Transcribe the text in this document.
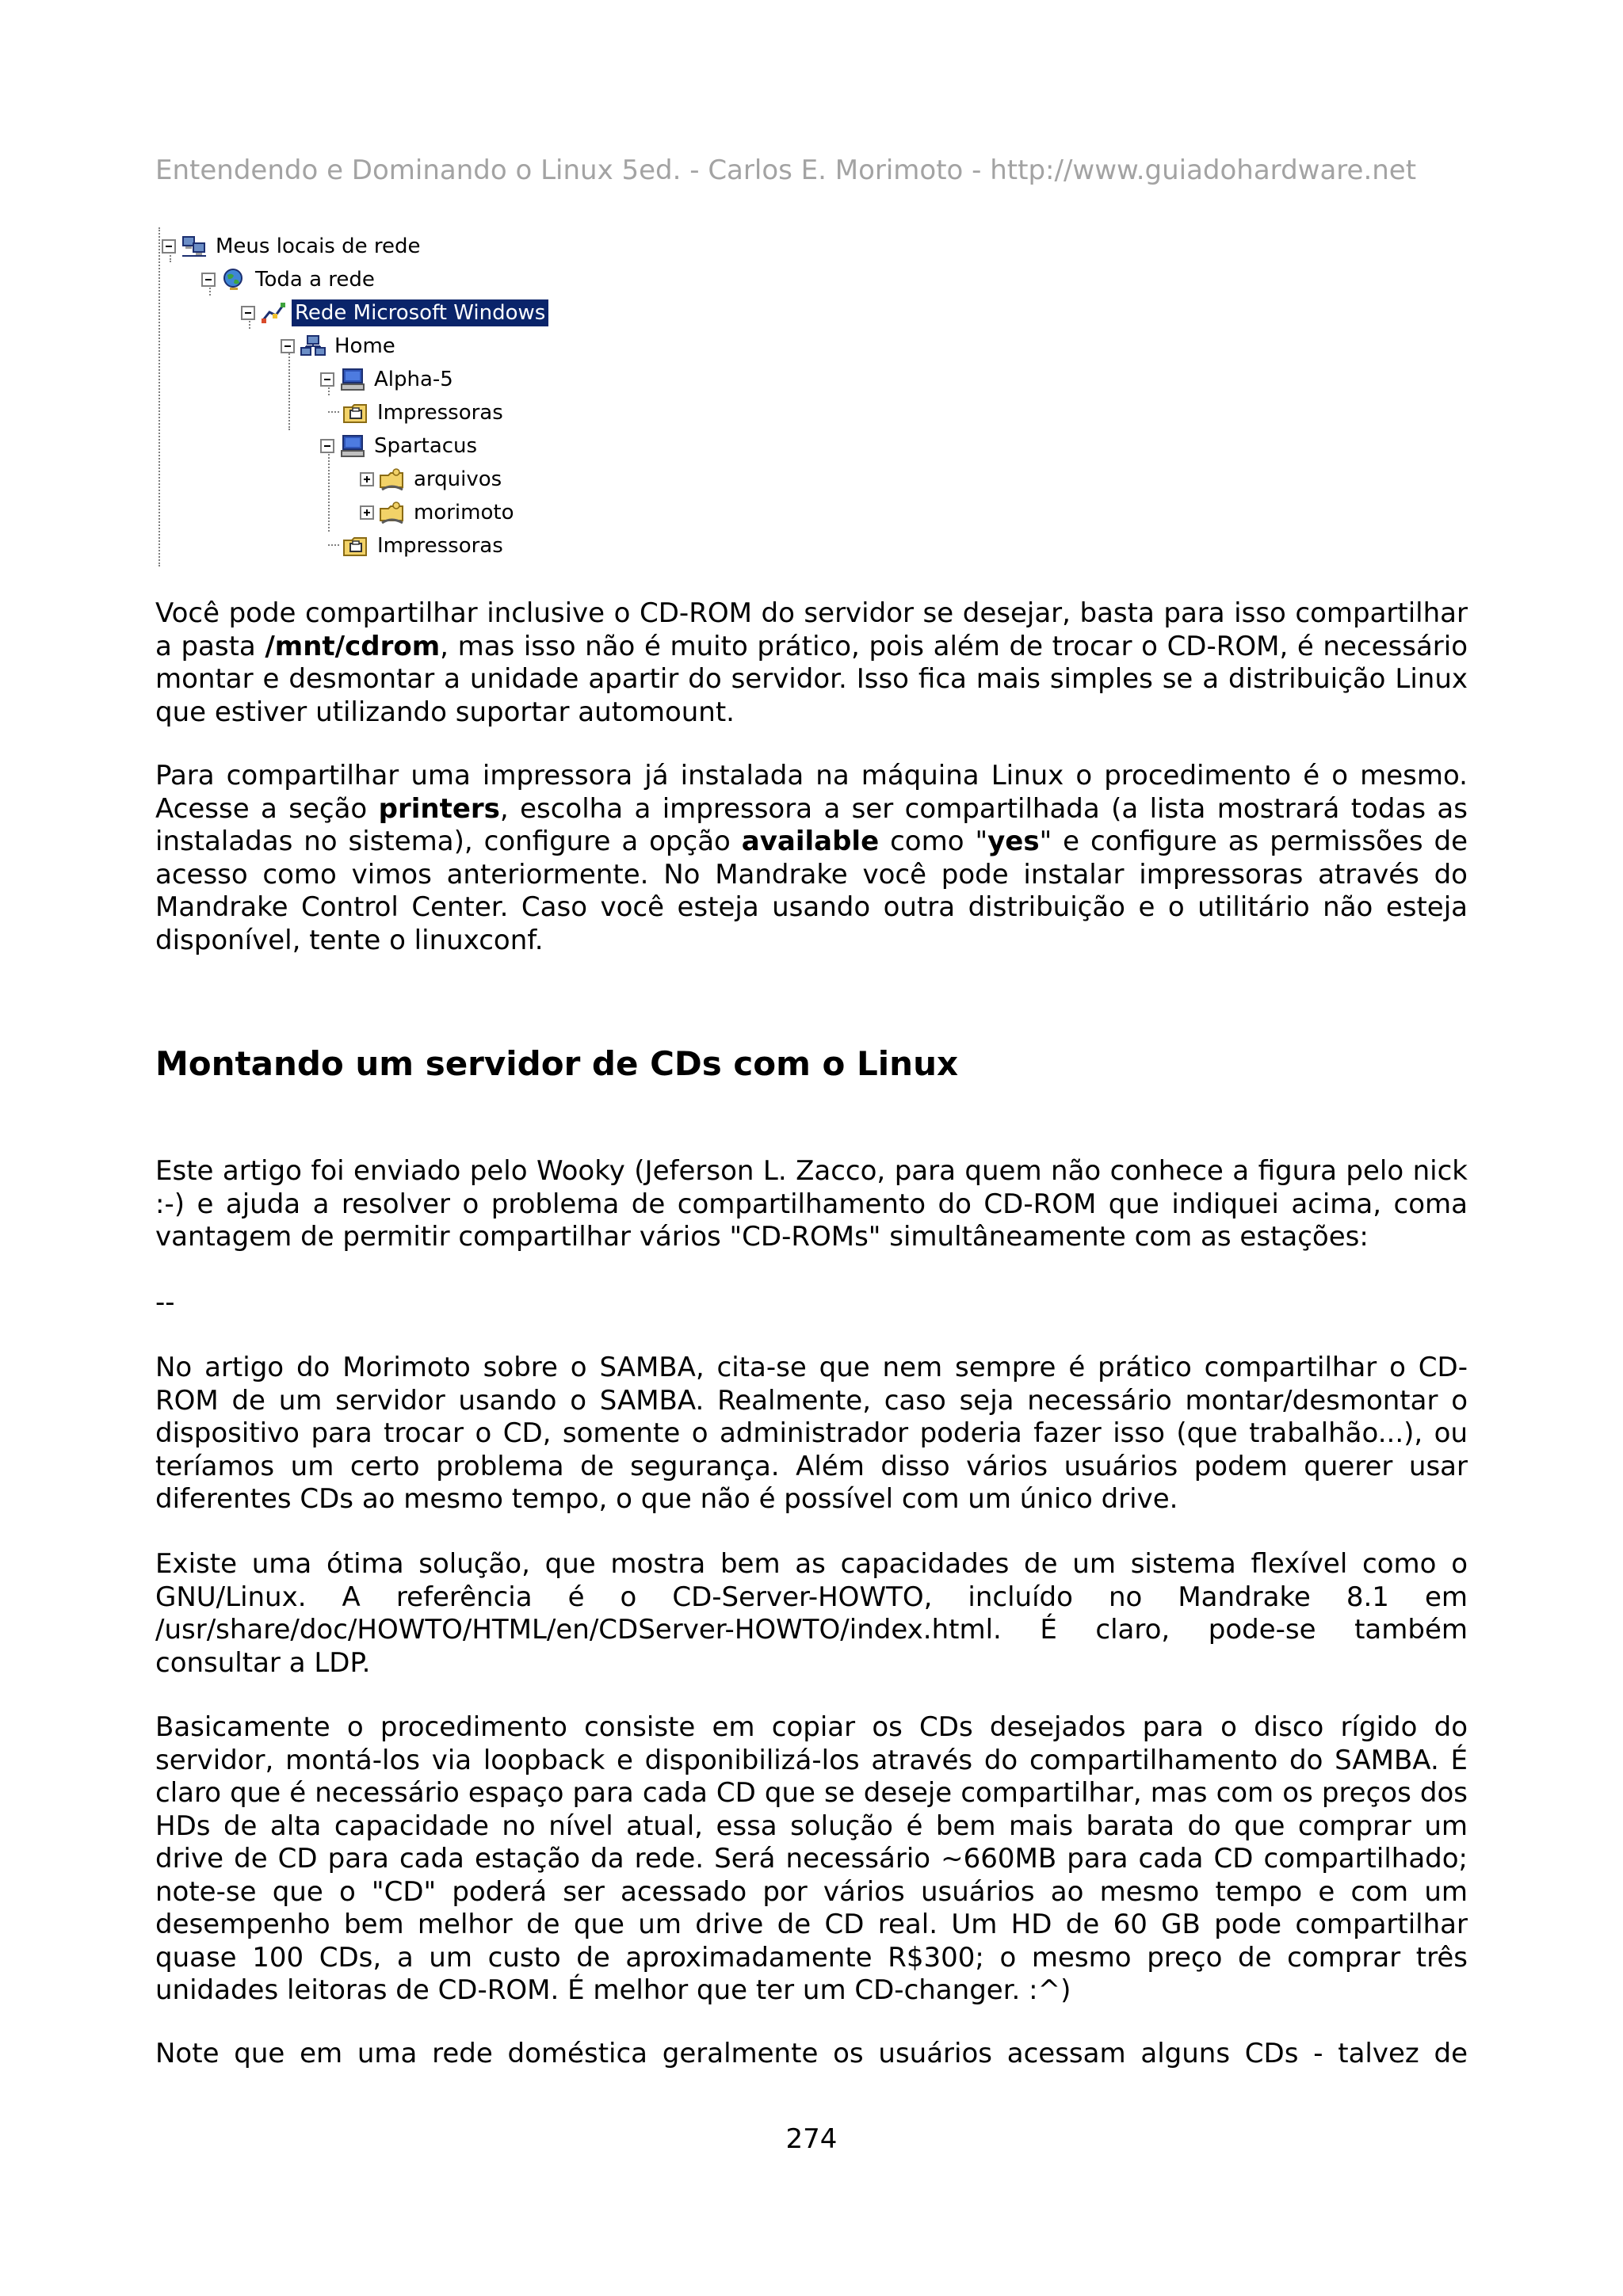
Entendendo e Dominando o Linux 5ed. - Carlos E. Morimoto - http://www.guiadohardware.net
Meus locais de rede
Toda a rede
Rede Microsoft Windows
Home
Alpha-5
Impressoras
Spartacus
arquivos
morimoto
Impressoras
Você pode compartilhar inclusive o CD-ROM do servidor se desejar, basta para isso compartilhar a pasta /mnt/cdrom, mas isso não é muito prático, pois além de trocar o CD-ROM, é necessário montar e desmontar a unidade apartir do servidor. Isso fica mais simples se a distribuição Linux que estiver utilizando suportar automount.
Para compartilhar uma impressora já instalada na máquina Linux o procedimento é o mesmo. Acesse a seção printers, escolha a impressora a ser compartilhada (a lista mostrará todas as instaladas no sistema), configure a opção available como "yes" e configure as permissões de acesso como vimos anteriormente. No Mandrake você pode instalar impressoras através do Mandrake Control Center. Caso você esteja usando outra distribuição e o utilitário não esteja disponível, tente o linuxconf.
Montando um servidor de CDs com o Linux
Este artigo foi enviado pelo Wooky (Jeferson L. Zacco, para quem não conhece a figura pelo nick :-) e ajuda a resolver o problema de compartilhamento do CD-ROM que indiquei acima, coma vantagem de permitir compartilhar vários "CD-ROMs" simultâneamente com as estações:
--
No artigo do Morimoto sobre o SAMBA, cita-se que nem sempre é prático compartilhar o CD-ROM de um servidor usando o SAMBA. Realmente, caso seja necessário montar/desmontar o dispositivo para trocar o CD, somente o administrador poderia fazer isso (que trabalhão...), ou teríamos um certo problema de segurança. Além disso vários usuários podem querer usar diferentes CDs ao mesmo tempo, o que não é possível com um único drive.
Existe uma ótima solução, que mostra bem as capacidades de um sistema flexível como o GNU/Linux. A referência é o CD-Server-HOWTO, incluído no Mandrake 8.1 em /usr/share/doc/HOWTO/HTML/en/CDServer-HOWTO/index.html. É claro, pode-se também consultar a LDP.
Basicamente o procedimento consiste em copiar os CDs desejados para o disco rígido do servidor, montá-los via loopback e disponibilizá-los através do compartilhamento do SAMBA. É claro que é necessário espaço para cada CD que se deseje compartilhar, mas com os preços dos HDs de alta capacidade no nível atual, essa solução é bem mais barata do que comprar um drive de CD para cada estação da rede. Será necessário ~660MB para cada CD compartilhado; note-se que o "CD" poderá ser acessado por vários usuários ao mesmo tempo e com um desempenho bem melhor de que um drive de CD real. Um HD de 60 GB pode compartilhar quase 100 CDs, a um custo de aproximadamente R$300; o mesmo preço de comprar três unidades leitoras de CD-ROM. É melhor que ter um CD-changer. :^)
Note que em uma rede doméstica geralmente os usuários acessam alguns CDs - talvez de
274
